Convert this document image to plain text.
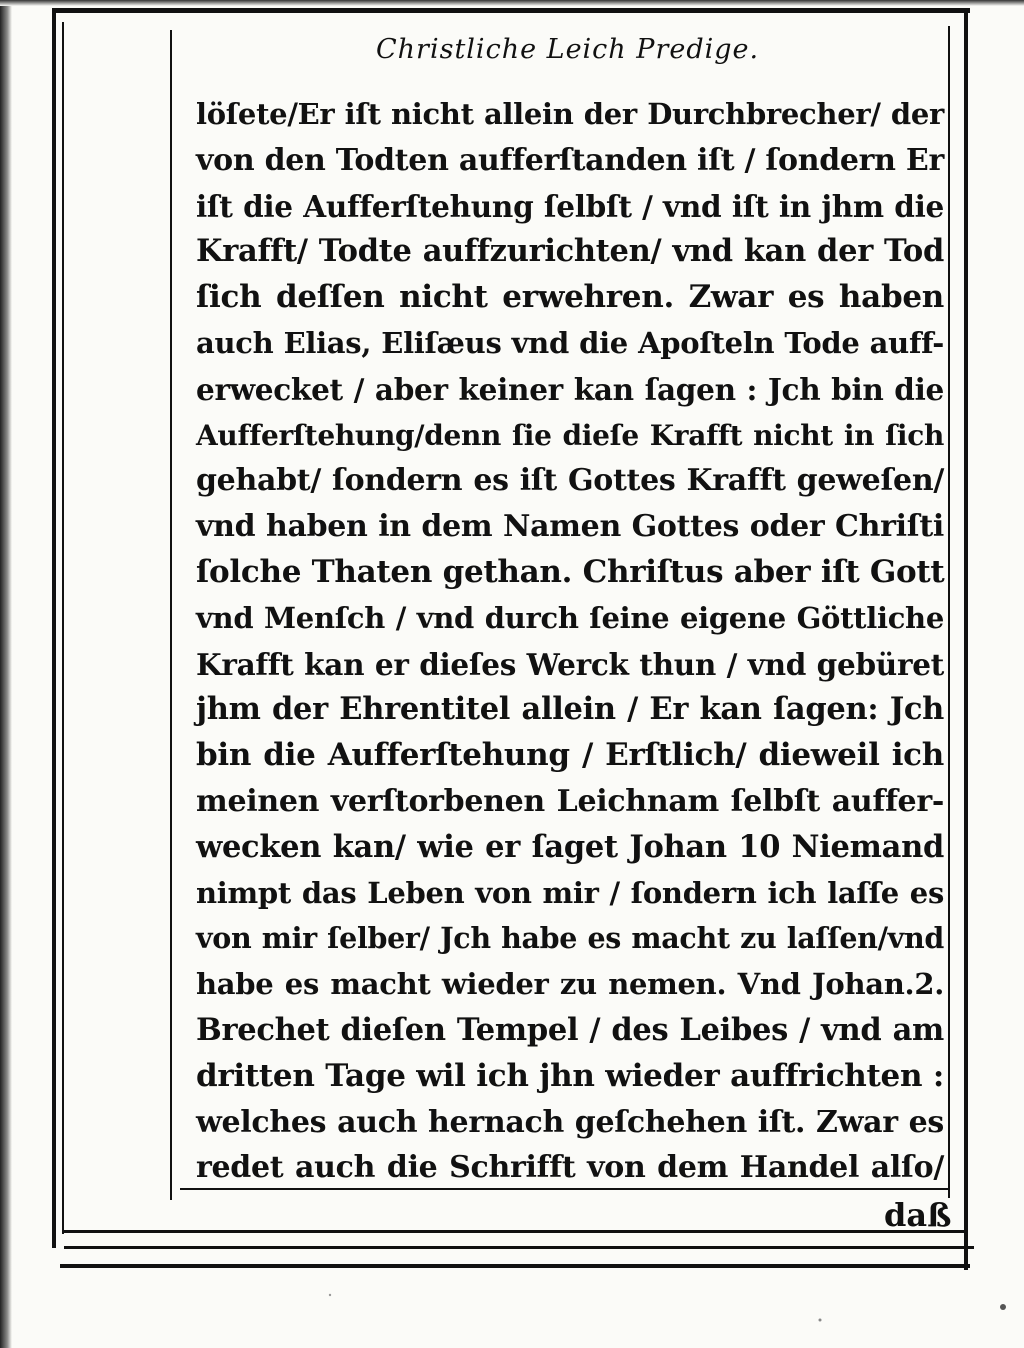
Christliche Leich Predige.
löſete/Er iſt nicht allein der Durchbrecher/ der
von den Todten aufferſtanden iſt / ſondern Er
iſt die Aufferſtehung ſelbſt / vnd iſt in jhm die
Krafft/ Todte auffzurichten/ vnd kan der Tod
ſich deſſen nicht erwehren. Zwar es haben
auch Elias, Eliſæus vnd die Apoſteln Tode auff-
erwecket / aber keiner kan ſagen : Jch bin die
Aufferſtehung/denn ſie dieſe Krafft nicht in ſich
gehabt/ ſondern es iſt Gottes Krafft geweſen/
vnd haben in dem Namen Gottes oder Chriſti
ſolche Thaten gethan. Chriſtus aber iſt Gott
vnd Menſch / vnd durch ſeine eigene Göttliche
Krafft kan er dieſes Werck thun / vnd gebüret
jhm der Ehrentitel allein / Er kan ſagen: Jch
bin die Aufferſtehung / Erſtlich/ dieweil ich
meinen verſtorbenen Leichnam ſelbſt auffer-
wecken kan/ wie er ſaget Johan 10 Niemand
nimpt das Leben von mir / ſondern ich laſſe es
von mir ſelber/ Jch habe es macht zu laſſen/vnd
habe es macht wieder zu nemen. Vnd Johan.2.
Brechet dieſen Tempel / des Leibes / vnd am
dritten Tage wil ich jhn wieder auffrichten :
welches auch hernach geſchehen iſt. Zwar es
redet auch die Schrifft von dem Handel alſo/
daß
